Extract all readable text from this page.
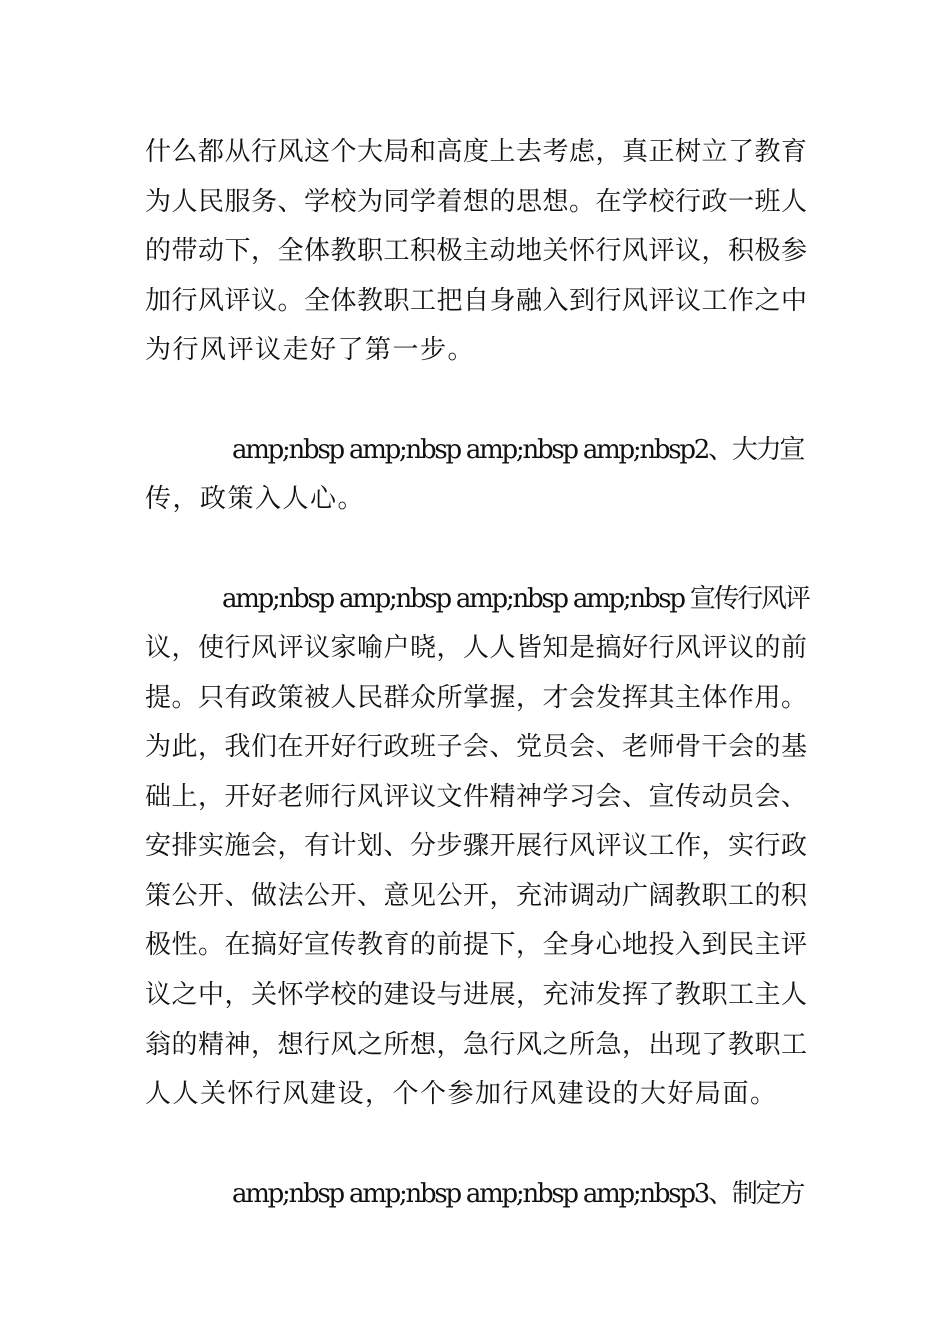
什么都从行风这个大局和高度上去考虑，真正树立了教育
为人民服务、学校为同学着想的思想。在学校行政一班人
的带动下，全体教职工积极主动地关怀行风评议，积极参
加行风评议。全体教职工把自身融入到行风评议工作之中
为行风评议走好了第一步。
amp;nbsp amp;nbsp amp;nbsp amp;nbsp2、大力宣
传，政策入人心。
amp;nbsp amp;nbsp amp;nbsp amp;nbsp 宣传行风评
议，使行风评议家喻户晓，人人皆知是搞好行风评议的前
提。只有政策被人民群众所掌握，才会发挥其主体作用。
为此，我们在开好行政班子会、党员会、老师骨干会的基
础上，开好老师行风评议文件精神学习会、宣传动员会、
安排实施会，有计划、分步骤开展行风评议工作，实行政
策公开、做法公开、意见公开，充沛调动广阔教职工的积
极性。在搞好宣传教育的前提下，全身心地投入到民主评
议之中，关怀学校的建设与进展，充沛发挥了教职工主人
翁的精神，想行风之所想，急行风之所急，出现了教职工
人人关怀行风建设，个个参加行风建设的大好局面。
amp;nbsp amp;nbsp amp;nbsp amp;nbsp3、制定方
